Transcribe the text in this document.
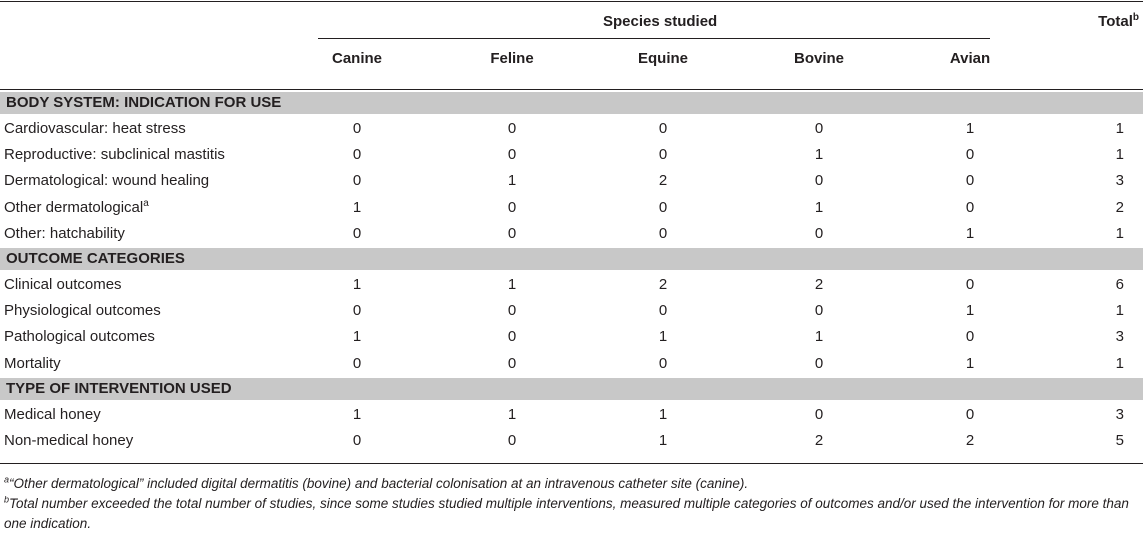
Species studied	Total$^b$
Canine	Feline	Equine	Bovine	Avian
BODY SYSTEM: INDICATION FOR USE
Cardiovascular: heat stress	0	0	0	0	1	1
Reproductive: subclinical mastitis	0	0	0	1	0	1
Dermatological: wound healing	0	1	2	0	0	3
Other dermatological$^a$	1	0	0	1	0	2
Other: hatchability	0	0	0	0	1	1
OUTCOME CATEGORIES
Clinical outcomes	1	1	2	2	0	6
Physiological outcomes	0	0	0	0	1	1
Pathological outcomes	1	0	1	1	0	3
Mortality	0	0	0	0	1	1
TYPE OF INTERVENTION USED
Medical honey	1	1	1	0	0	3
Non-medical honey	0	0	1	2	2	5
$^a$“Other dermatological” included digital dermatitis (bovine) and bacterial colonisation at an intravenous catheter site (canine).
$^b$Total number exceeded the total number of studies, since some studies studied multiple interventions, measured multiple categories of outcomes and/or used the intervention for more than one indication.
